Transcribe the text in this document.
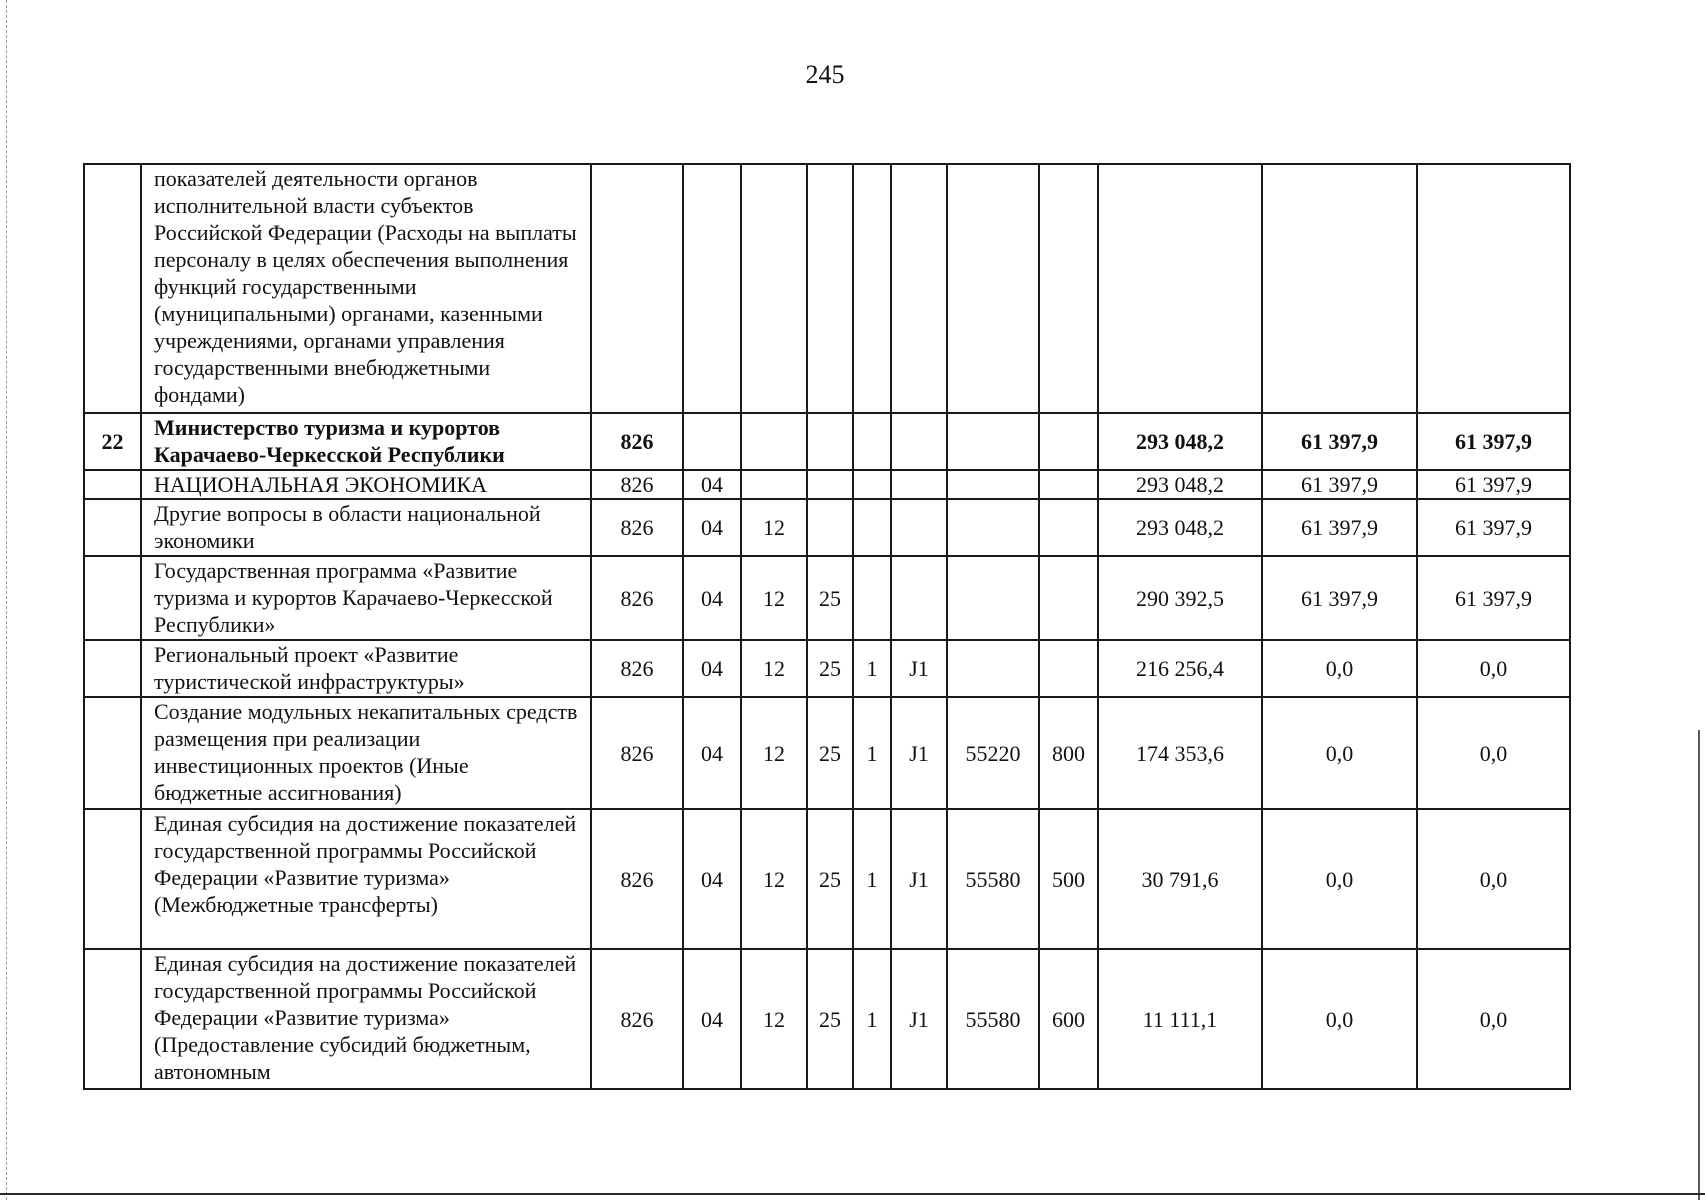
245
	показателей деятельности органов исполнительной власти субъектов Российской Федерации (Расходы на выплаты персоналу в целях обеспечения выполнения функций государственными (муниципальными) органами, казенными учреждениями, органами управления государственными внебюджетными фондами)											
22	Министерство туризма и курортов Карачаево-Черкесской Республики	826								293 048,2	61 397,9	61 397,9
	НАЦИОНАЛЬНАЯ ЭКОНОМИКА	826	04							293 048,2	61 397,9	61 397,9
	Другие вопросы в области национальной экономики	826	04	12						293 048,2	61 397,9	61 397,9
	Государственная программа «Развитие туризма и курортов Карачаево-Черкесской Республики»	826	04	12	25					290 392,5	61 397,9	61 397,9
	Региональный проект «Развитие туристической инфраструктуры»	826	04	12	25	1	J1			216 256,4	0,0	0,0
	Создание модульных некапитальных средств размещения при реализации инвестиционных проектов (Иные бюджетные ассигнования)	826	04	12	25	1	J1	55220	800	174 353,6	0,0	0,0
	Единая субсидия на достижение показателей государственной программы Российской Федерации «Развитие туризма» (Межбюджетные трансферты)	826	04	12	25	1	J1	55580	500	30 791,6	0,0	0,0
	Единая субсидия на достижение показателей государственной программы Российской Федерации «Развитие туризма» (Предоставление субсидий бюджетным, автономным	826	04	12	25	1	J1	55580	600	11 111,1	0,0	0,0
